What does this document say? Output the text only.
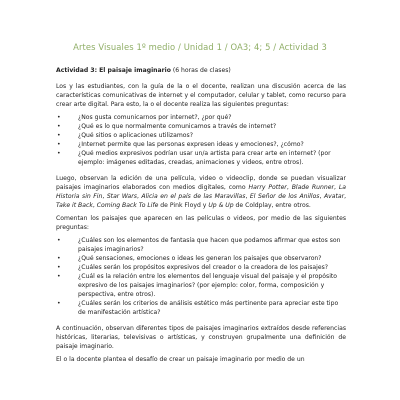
Artes Visuales 1º medio / Unidad 1 / OA3; 4; 5 / Actividad 3

Actividad 3: El paisaje imaginario (6 horas de clases)

Los y las estudiantes, con la guía de la o el docente, realizan una discusión acerca de las características comunicativas de internet y el computador, celular y tablet, como recurso para crear arte digital. Para esto, la o el docente realiza las siguientes preguntas:

• ¿Nos gusta comunicarnos por internet?, ¿por qué?
• ¿Qué es lo que normalmente comunicamos a través de internet?
• ¿Qué sitios o aplicaciones utilizamos?
• ¿Internet permite que las personas expresen ideas y emociones?, ¿cómo?
• ¿Qué medios expresivos podrían usar un/a artista para crear arte en internet? (por ejemplo: imágenes editadas, creadas, animaciones y videos, entre otros).

Luego, observan la edición de una película, video o videoclip, donde se puedan visualizar paisajes imaginarios elaborados con medios digitales, como Harry Potter, Blade Runner, La Historia sin Fin, Star Wars, Alicia en el país de las Maravillas, El Señor de los Anillos, Avatar, Take it Back, Coming Back To Life de Pink Floyd y Up & Up de Coldplay, entre otros.

Comentan los paisajes que aparecen en las películas o videos, por medio de las siguientes preguntas:

• ¿Cuáles son los elementos de fantasía que hacen que podamos afirmar que estos son paisajes imaginarios?
• ¿Qué sensaciones, emociones o ideas les generan los paisajes que observaron?
• ¿Cuáles serán los propósitos expresivos del creador o la creadora de los paisajes?
• ¿Cuál es la relación entre los elementos del lenguaje visual del paisaje y el propósito expresivo de los paisajes imaginarios? (por ejemplo: color, forma, composición y perspectiva, entre otros).
• ¿Cuáles serán los criterios de análisis estético más pertinente para apreciar este tipo de manifestación artística?

A continuación, observan diferentes tipos de paisajes imaginarios extraídos desde referencias históricas, literarias, televisivas o artísticas, y construyen grupalmente una definición de paisaje imaginario.

El o la docente plantea el desafío de crear un paisaje imaginario por medio de un
